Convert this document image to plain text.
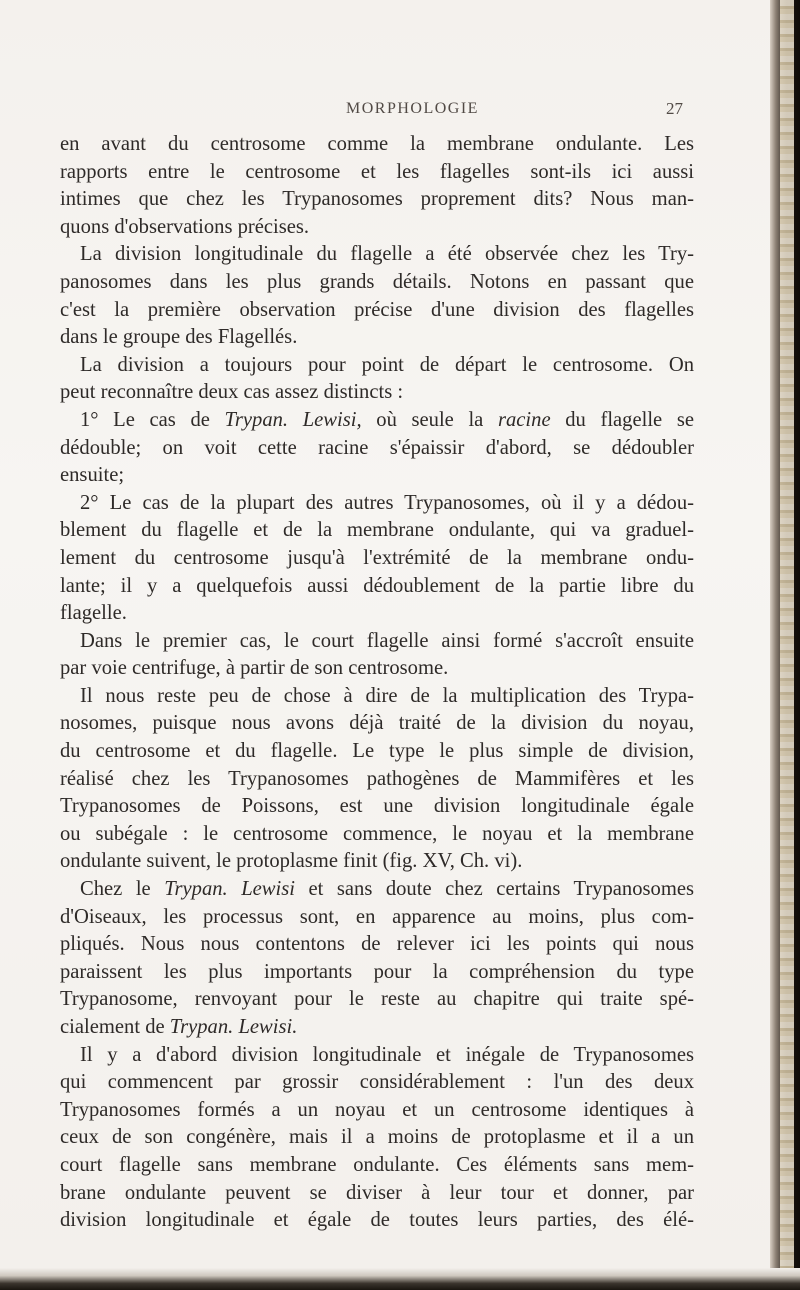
MORPHOLOGIE	27
en avant du centrosome comme la membrane ondulante. Les
rapports entre le centrosome et les flagelles sont-ils ici aussi
intimes que chez les Trypanosomes proprement dits? Nous man-
quons d'observations précises.
La division longitudinale du flagelle a été observée chez les Try-
panosomes dans les plus grands détails. Notons en passant que
c'est la première observation précise d'une division des flagelles
dans le groupe des Flagellés.
La division a toujours pour point de départ le centrosome. On
peut reconnaître deux cas assez distincts :
1° Le cas de Trypan. Lewisi, où seule la racine du flagelle se
dédouble; on voit cette racine s'épaissir d'abord, se dédoubler
ensuite;
2° Le cas de la plupart des autres Trypanosomes, où il y a dédou-
blement du flagelle et de la membrane ondulante, qui va graduel-
lement du centrosome jusqu'à l'extrémité de la membrane ondu-
lante; il y a quelquefois aussi dédoublement de la partie libre du
flagelle.
Dans le premier cas, le court flagelle ainsi formé s'accroît ensuite
par voie centrifuge, à partir de son centrosome.
Il nous reste peu de chose à dire de la multiplication des Trypa-
nosomes, puisque nous avons déjà traité de la division du noyau,
du centrosome et du flagelle. Le type le plus simple de division,
réalisé chez les Trypanosomes pathogènes de Mammifères et les
Trypanosomes de Poissons, est une division longitudinale égale
ou subégale : le centrosome commence, le noyau et la membrane
ondulante suivent, le protoplasme finit (fig. XV, Ch. vi).
Chez le Trypan. Lewisi et sans doute chez certains Trypanosomes
d'Oiseaux, les processus sont, en apparence au moins, plus com-
pliqués. Nous nous contentons de relever ici les points qui nous
paraissent les plus importants pour la compréhension du type
Trypanosome, renvoyant pour le reste au chapitre qui traite spé-
cialement de Trypan. Lewisi.
Il y a d'abord division longitudinale et inégale de Trypanosomes
qui commencent par grossir considérablement : l'un des deux
Trypanosomes formés a un noyau et un centrosome identiques à
ceux de son congénère, mais il a moins de protoplasme et il a un
court flagelle sans membrane ondulante. Ces éléments sans mem-
brane ondulante peuvent se diviser à leur tour et donner, par
division longitudinale et égale de toutes leurs parties, des élé-
